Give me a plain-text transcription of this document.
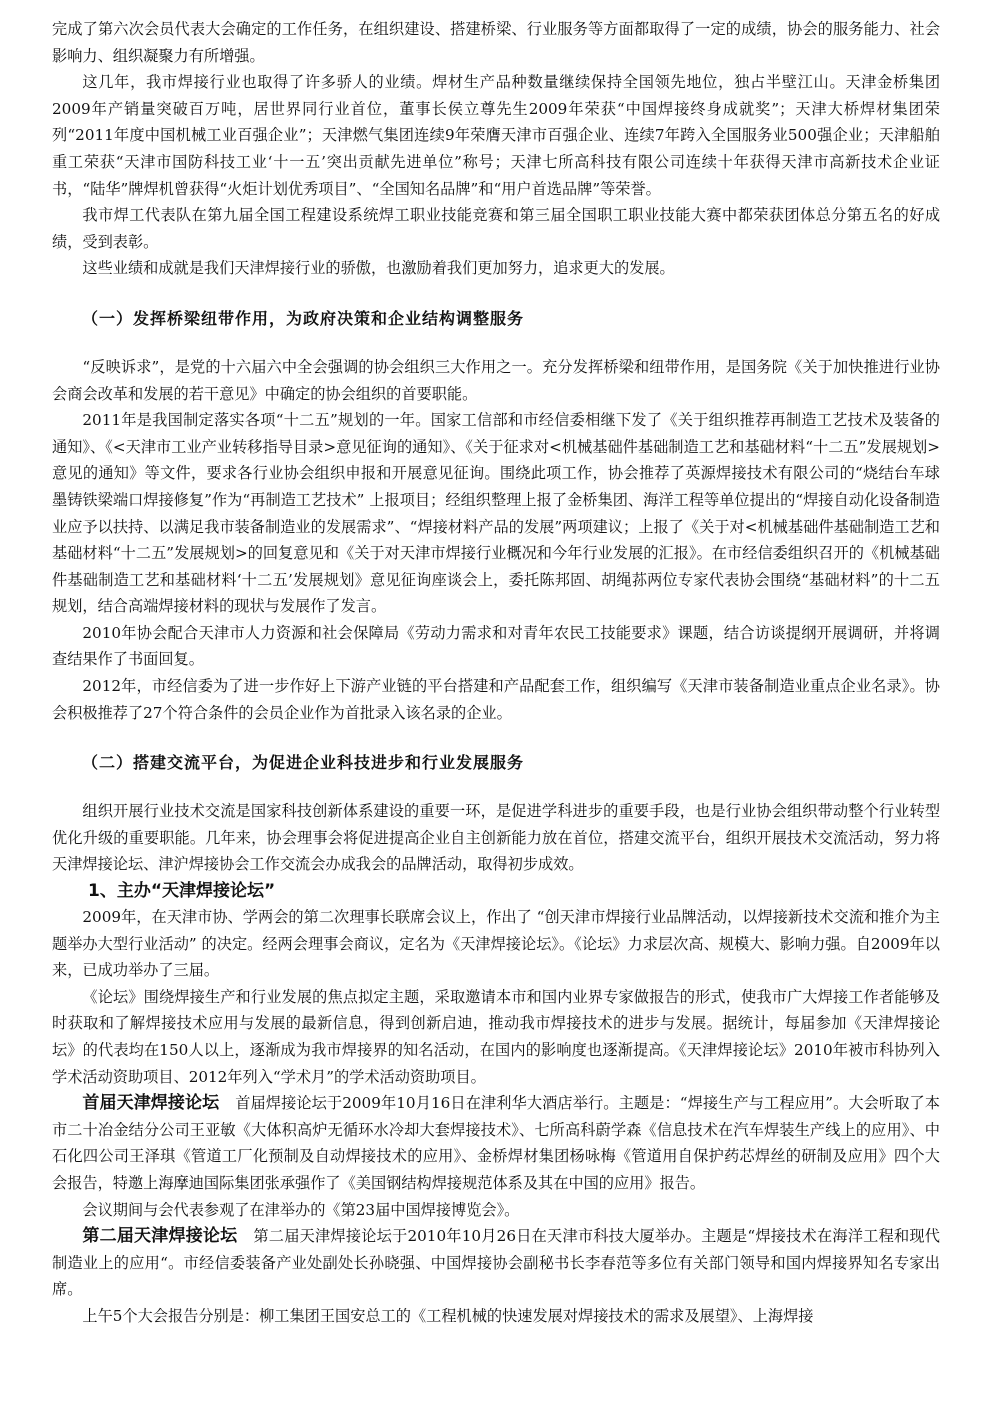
完成了第六次会员代表大会确定的工作任务，在组织建设、搭建桥梁、行业服务等方面都取得了一定的成绩，协会的服务能力、社会影响力、组织凝聚力有所增强。

这几年，我市焊接行业也取得了许多骄人的业绩。焊材生产品种数量继续保持全国领先地位，独占半壁江山。天津金桥集团2009年产销量突破百万吨，居世界同行业首位，董事长侯立尊先生2009年荣获“中国焊接终身成就奖”；天津大桥焊材集团荣列“2011年度中国机械工业百强企业”；天津燃气集团连续9年荣膺天津市百强企业、连续7年跨入全国服务业500强企业；天津船舶重工荣获“天津市国防科技工业‘十一五’突出贡献先进单位”称号；天津七所高科技有限公司连续十年获得天津市高新技术企业证书，“陆华”牌焊机曾获得“火炬计划优秀项目”、“全国知名品牌”和“用户首选品牌”等荣誉。

我市焊工代表队在第九届全国工程建设系统焊工职业技能竞赛和第三届全国职工职业技能大赛中都荣获团体总分第五名的好成绩，受到表彰。

这些业绩和成就是我们天津焊接行业的骄傲，也激励着我们更加努力，追求更大的发展。

（一）发挥桥梁纽带作用，为政府决策和企业结构调整服务

“反映诉求”，是党的十六届六中全会强调的协会组织三大作用之一。充分发挥桥梁和纽带作用，是国务院《关于加快推进行业协会商会改革和发展的若干意见》中确定的协会组织的首要职能。

2011年是我国制定落实各项“十二五”规划的一年。国家工信部和市经信委相继下发了《关于组织推荐再制造工艺技术及装备的通知》、《<天津市工业产业转移指导目录>意见征询的通知》、《关于征求对<机械基础件基础制造工艺和基础材料“十二五”发展规划>意见的通知》等文件，要求各行业协会组织申报和开展意见征询。围绕此项工作，协会推荐了英源焊接技术有限公司的“烧结台车球墨铸铁梁端口焊接修复”作为“再制造工艺技术” 上报项目；经组织整理上报了金桥集团、海洋工程等单位提出的“焊接自动化设备制造业应予以扶持、以满足我市装备制造业的发展需求”、“焊接材料产品的发展”两项建议；上报了《关于对<机械基础件基础制造工艺和基础材料“十二五”发展规划>的回复意见和《关于对天津市焊接行业概况和今年行业发展的汇报》。在市经信委组织召开的《机械基础件基础制造工艺和基础材料‘十二五’发展规划》意见征询座谈会上，委托陈邦固、胡绳荪两位专家代表协会围绕“基础材料”的十二五规划，结合高端焊接材料的现状与发展作了发言。

2010年协会配合天津市人力资源和社会保障局《劳动力需求和对青年农民工技能要求》课题，结合访谈提纲开展调研，并将调查结果作了书面回复。

2012年，市经信委为了进一步作好上下游产业链的平台搭建和产品配套工作，组织编写《天津市装备制造业重点企业名录》。协会积极推荐了27个符合条件的会员企业作为首批录入该名录的企业。

（二）搭建交流平台，为促进企业科技进步和行业发展服务

组织开展行业技术交流是国家科技创新体系建设的重要一环，是促进学科进步的重要手段，也是行业协会组织带动整个行业转型优化升级的重要职能。几年来，协会理事会将促进提高企业自主创新能力放在首位，搭建交流平台，组织开展技术交流活动，努力将天津焊接论坛、津沪焊接协会工作交流会办成我会的品牌活动，取得初步成效。

1、主办“天津焊接论坛”

2009年，在天津市协、学两会的第二次理事长联席会议上，作出了 “创天津市焊接行业品牌活动，以焊接新技术交流和推介为主题举办大型行业活动” 的决定。经两会理事会商议，定名为《天津焊接论坛》。《论坛》力求层次高、规模大、影响力强。自2009年以来，已成功举办了三届。

《论坛》围绕焊接生产和行业发展的焦点拟定主题，采取邀请本市和国内业界专家做报告的形式，使我市广大焊接工作者能够及时获取和了解焊接技术应用与发展的最新信息，得到创新启迪，推动我市焊接技术的进步与发展。据统计，每届参加《天津焊接论坛》的代表均在150人以上，逐渐成为我市焊接界的知名活动，在国内的影响度也逐渐提高。《天津焊接论坛》2010年被市科协列入学术活动资助项目、2012年列入“学术月”的学术活动资助项目。

首届天津焊接论坛 首届焊接论坛于2009年10月16日在津利华大酒店举行。主题是：“焊接生产与工程应用”。大会听取了本市二十冶金结分公司王亚敏《大体积高炉无循环水冷却大套焊接技术》、七所高科蔚学森《信息技术在汽车焊装生产线上的应用》、中石化四公司王泽琪《管道工厂化预制及自动焊接技术的应用》、金桥焊材集团杨咏梅《管道用自保护药芯焊丝的研制及应用》四个大会报告，特邀上海摩迪国际集团张承强作了《美国钢结构焊接规范体系及其在中国的应用》报告。

会议期间与会代表参观了在津举办的《第23届中国焊接博览会》。

第二届天津焊接论坛 第二届天津焊接论坛于2010年10月26日在天津市科技大厦举办。主题是“焊接技术在海洋工程和现代制造业上的应用“。市经信委装备产业处副处长孙晓强、中国焊接协会副秘书长李春范等多位有关部门领导和国内焊接界知名专家出席。

上午5个大会报告分别是：柳工集团王国安总工的《工程机械的快速发展对焊接技术的需求及展望》、上海焊接
